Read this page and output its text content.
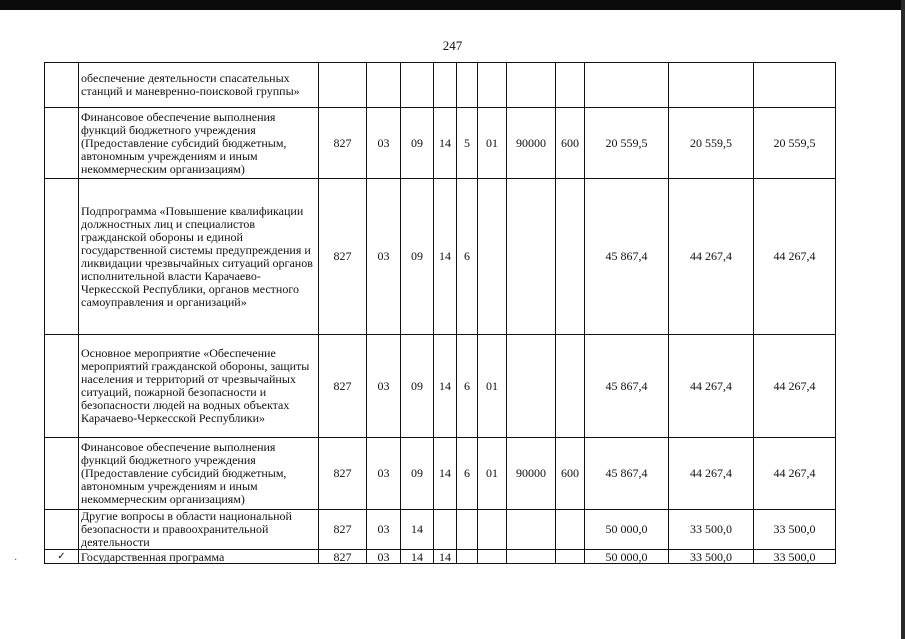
247
	обеспечение деятельности спасательных станций и маневренно-поисковой группы»											
	Финансовое обеспечение выполнения функций бюджетного учреждения (Предоставление субсидий бюджетным, автономным учреждениям и иным некоммерческим организациям)	827	03	09	14	5	01	90000	600	20 559,5	20 559,5	20 559,5
	Подпрограмма «Повышение квалификации должностных лиц и специалистов гражданской обороны и единой государственной системы предупреждения и ликвидации чрезвычайных ситуаций органов исполнительной власти Карачаево-Черкесской Республики, органов местного самоуправления и организаций»	827	03	09	14	6				45 867,4	44 267,4	44 267,4
	Основное мероприятие «Обеспечение мероприятий гражданской обороны, защиты населения и территорий от чрезвычайных ситуаций, пожарной безопасности и безопасности людей на водных объектах Карачаево-Черкесской Республики»	827	03	09	14	6	01			45 867,4	44 267,4	44 267,4
	Финансовое обеспечение выполнения функций бюджетного учреждения (Предоставление субсидий бюджетным, автономным учреждениям и иным некоммерческим организациям)	827	03	09	14	6	01	90000	600	45 867,4	44 267,4	44 267,4
	Другие вопросы в области национальной безопасности и правоохранительной деятельности	827	03	14						50 000,0	33 500,0	33 500,0
✓	Государственная программа	827	03	14	14					50 000,0	33 500,0	33 500,0
·
